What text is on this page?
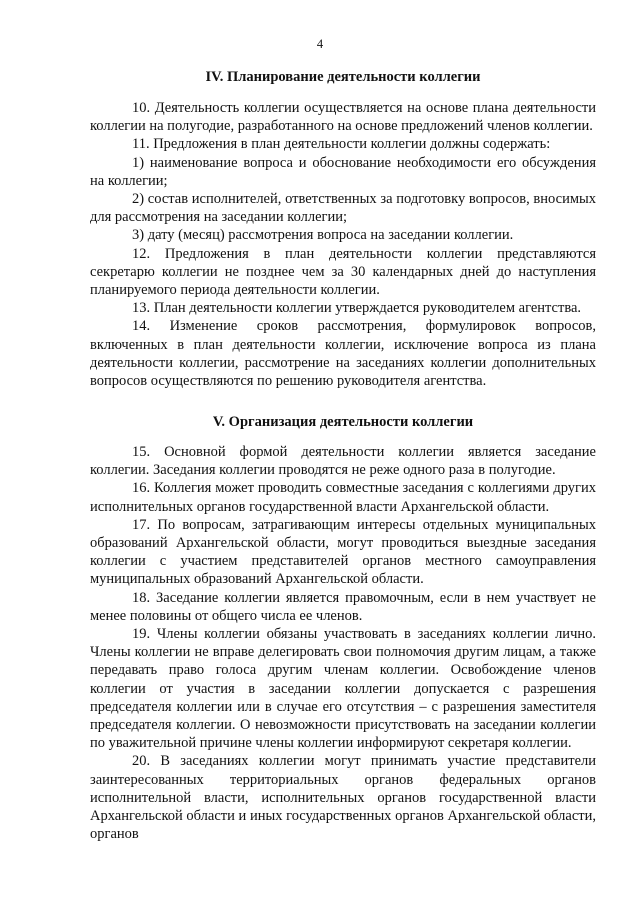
4
IV. Планирование деятельности коллегии

10. Деятельность коллегии осуществляется на основе плана деятельности коллегии на полугодие, разработанного на основе предложений членов коллегии.

11. Предложения в план деятельности коллегии должны содержать:

1) наименование вопроса и обоснование необходимости его обсуждения на коллегии;

2) состав исполнителей, ответственных за подготовку вопросов, вносимых для рассмотрения на заседании коллегии;

3) дату (месяц) рассмотрения вопроса на заседании коллегии.

12. Предложения в план деятельности коллегии представляются секретарю коллегии не позднее чем за 30 календарных дней до наступления планируемого периода деятельности коллегии.

13. План деятельности коллегии утверждается руководителем агентства.

14. Изменение сроков рассмотрения, формулировок вопросов, включенных в план деятельности коллегии, исключение вопроса из плана деятельности коллегии, рассмотрение на заседаниях коллегии дополнительных вопросов осуществляются по решению руководителя агентства.

V. Организация деятельности коллегии

15. Основной формой деятельности коллегии является заседание коллегии. Заседания коллегии проводятся не реже одного раза в полугодие.

16. Коллегия может проводить совместные заседания с коллегиями других исполнительных органов государственной власти Архангельской области.

17. По вопросам, затрагивающим интересы отдельных муниципальных образований Архангельской области, могут проводиться выездные заседания коллегии с участием представителей органов местного самоуправления муниципальных образований Архангельской области.

18. Заседание коллегии является правомочным, если в нем участвует не менее половины от общего числа ее членов.

19. Члены коллегии обязаны участвовать в заседаниях коллегии лично. Члены коллегии не вправе делегировать свои полномочия другим лицам, а также передавать право голоса другим членам коллегии. Освобождение членов коллегии от участия в заседании коллегии допускается с разрешения председателя коллегии или в случае его отсутствия – с разрешения заместителя председателя коллегии. О невозможности присутствовать на заседании коллегии по уважительной причине члены коллегии информируют секретаря коллегии.

20. В заседаниях коллегии могут принимать участие представители заинтересованных территориальных органов федеральных органов исполнительной власти, исполнительных органов государственной власти Архангельской области и иных государственных органов Архангельской области, органов
